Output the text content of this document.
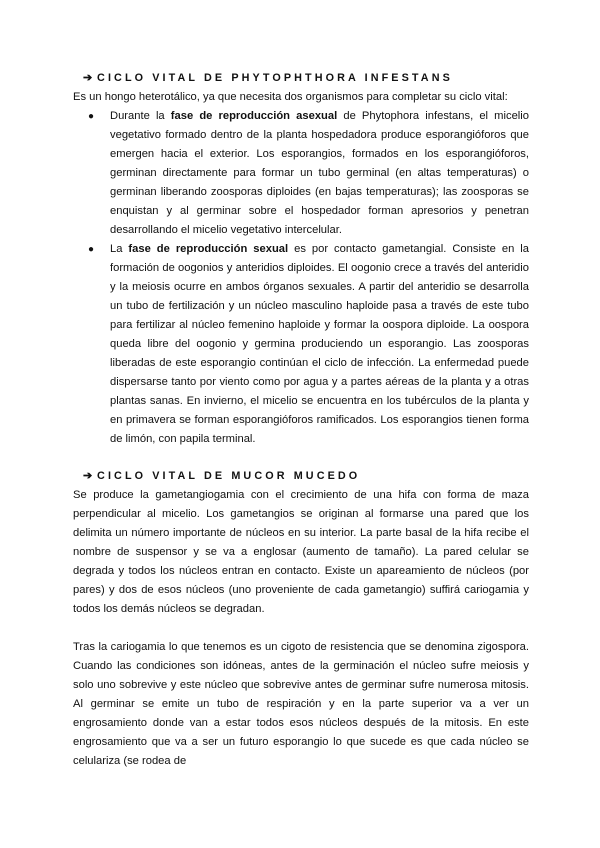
➔ CICLO VITAL DE PHYTOPHTHORA INFESTANS

Es un hongo heterotálico, ya que necesita dos organismos para completar su ciclo vital:

● Durante la fase de reproducción asexual de Phytophora infestans, el micelio vegetativo formado dentro de la planta hospedadora produce esporangióforos que emergen hacia el exterior. Los esporangios, formados en los esporangióforos, germinan directamente para formar un tubo germinal (en altas temperaturas) o germinan liberando zoosporas diploides (en bajas temperaturas); las zoosporas se enquistan y al germinar sobre el hospedador forman apresorios y penetran desarrollando el micelio vegetativo intercelular.
● La fase de reproducción sexual es por contacto gametangial. Consiste en la formación de oogonios y anteridios diploides. El oogonio crece a través del anteridio y la meiosis ocurre en ambos órganos sexuales. A partir del anteridio se desarrolla un tubo de fertilización y un núcleo masculino haploide pasa a través de este tubo para fertilizar al núcleo femenino haploide y formar la oospora diploide. La oospora queda libre del oogonio y germina produciendo un esporangio. Las zoosporas liberadas de este esporangio continúan el ciclo de infección. La enfermedad puede dispersarse tanto por viento como por agua y a partes aéreas de la planta y a otras plantas sanas. En invierno, el micelio se encuentra en los tubérculos de la planta y en primavera se forman esporangióforos ramificados. Los esporangios tienen forma de limón, con papila terminal.
➔ CICLO VITAL DE MUCOR MUCEDO

Se produce la gametangiogamia con el crecimiento de una hifa con forma de maza perpendicular al micelio. Los gametangios se originan al formarse una pared que los delimita un número importante de núcleos en su interior. La parte basal de la hifa recibe el nombre de suspensor y se va a englosar (aumento de tamaño). La pared celular se degrada y todos los núcleos entran en contacto. Existe un apareamiento de núcleos (por pares) y dos de esos núcleos (uno proveniente de cada gametangio) suffirá cariogamia y todos los demás núcleos se degradan.

Tras la cariogamia lo que tenemos es un cigoto de resistencia que se denomina zigospora. Cuando las condiciones son idóneas, antes de la germinación el núcleo sufre meiosis y solo uno sobrevive y este núcleo que sobrevive antes de germinar sufre numerosa mitosis. Al germinar se emite un tubo de respiración y en la parte superior va a ver un engrosamiento donde van a estar todos esos núcleos después de la mitosis. En este engrosamiento que va a ser un futuro esporangio lo que sucede es que cada núcleo se celulariza (se rodea de
